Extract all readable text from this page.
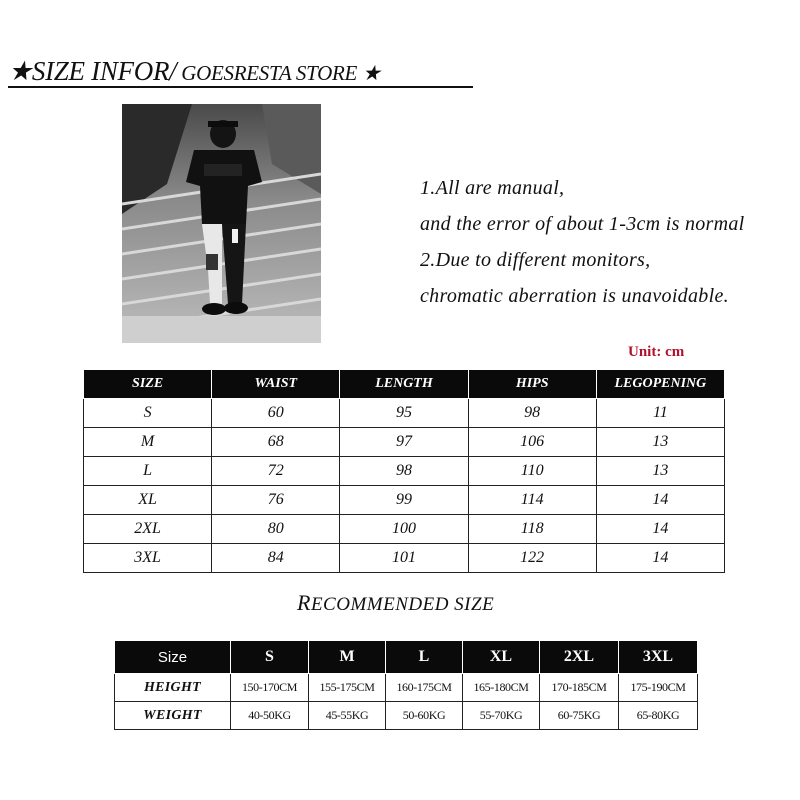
★SIZE INFOR/ GOESRESTA STORE ★
1.All are manual,
and the error of about 1-3cm is normal
2.Due to different monitors,
chromatic aberration is unavoidable.
Unit: cm
SIZE	WAIST	LENGTH	HIPS	LEGOPENING
S	60	95	98	11
M	68	97	106	13
L	72	98	110	13
XL	76	99	114	14
2XL	80	100	118	14
3XL	84	101	122	14
RECOMMENDED SIZE
Size	S	M	L	XL	2XL	3XL
HEIGHT	150-170CM	155-175CM	160-175CM	165-180CM	170-185CM	175-190CM
WEIGHT	40-50KG	45-55KG	50-60KG	55-70KG	60-75KG	65-80KG
